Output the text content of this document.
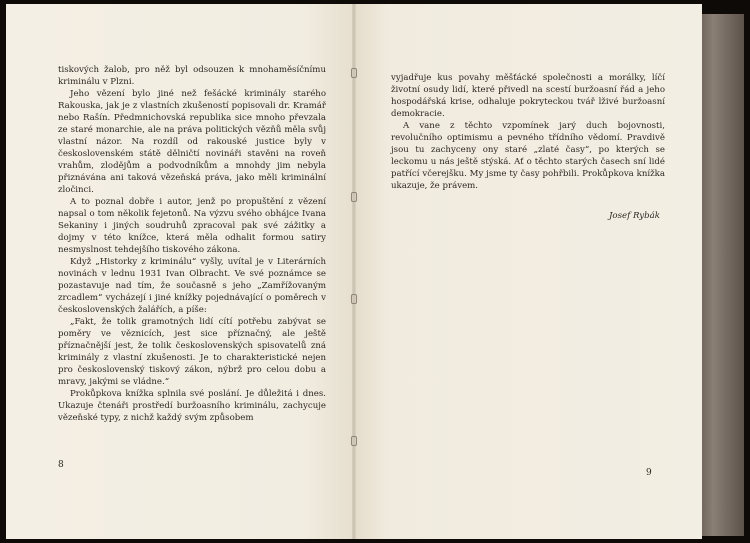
tiskových žalob, pro něž byl odsouzen k mnohaměsíčnímu kriminálu v Plzni.

Jeho vězení bylo jiné než fešácké kriminály starého Rakouska, jak je z vlastních zkušeností popisovali dr. Kramář nebo Rašín. Předmnichovská republika sice mnoho převzala ze staré monarchie, ale na práva politických vězňů měla svůj vlastní názor. Na rozdíl od rakouské justice byly v československém státě dělničtí novináři stavěni na roveň vrahům, zlodějům a podvodníkům a mnohdy jim nebyla přiznávána ani taková vězeňská práva, jako měli kriminální zločinci.

A to poznal dobře i autor, jenž po propuštění z vězení napsal o tom několik fejetonů. Na výzvu svého obhájce Ivana Sekaniny i jiných soudruhů zpracoval pak své zážitky a dojmy v této knížce, která měla odhalit formou satiry nesmyslnost tehdejšího tiskového zákona.

Když „Historky z kriminálu“ vyšly, uvítal je v Literárních novinách v lednu 1931 Ivan Olbracht. Ve své poznámce se pozastavuje nad tím, že současně s jeho „Zamřížovaným zrcadlem“ vycházejí i jiné knížky pojednávající o poměrech v československých žalářích, a píše:

„Fakt, že tolik gramotných lidí cítí potřebu zabývat se poměry ve věznicích, jest sice příznačný, ale ještě příznačnější jest, že tolik československých spisovatelů zná kriminály z vlastní zkušenosti. Je to charakteristické nejen pro československý tiskový zákon, nýbrž pro celou dobu a mravy, jakými se vládne.“

Prokůpkova knížka splnila své poslání. Je důležitá i dnes. Ukazuje čtenáři prostředí buržoasního kriminálu, zachycuje vězeňské typy, z nichž každý svým způsobem

8

vyjadřuje kus povahy měšťácké společnosti a morálky, líčí životní osudy lidí, které přivedl na scestí buržoasní řád a jeho hospodářská krise, odhaluje pokryteckou tvář lživé buržoasní demokracie.

A vane z těchto vzpomínek jarý duch bojovnosti, revolučního optimismu a pevného třídního vědomí. Pravdivě jsou tu zachyceny ony staré „zlaté časy“, po kterých se leckomu u nás ještě stýská. Ať o těchto starých časech sní lidé patřící včerejšku. My jsme ty časy pohřbili. Prokůpkova knížka ukazuje, že právem.

Josef Rybák
9
